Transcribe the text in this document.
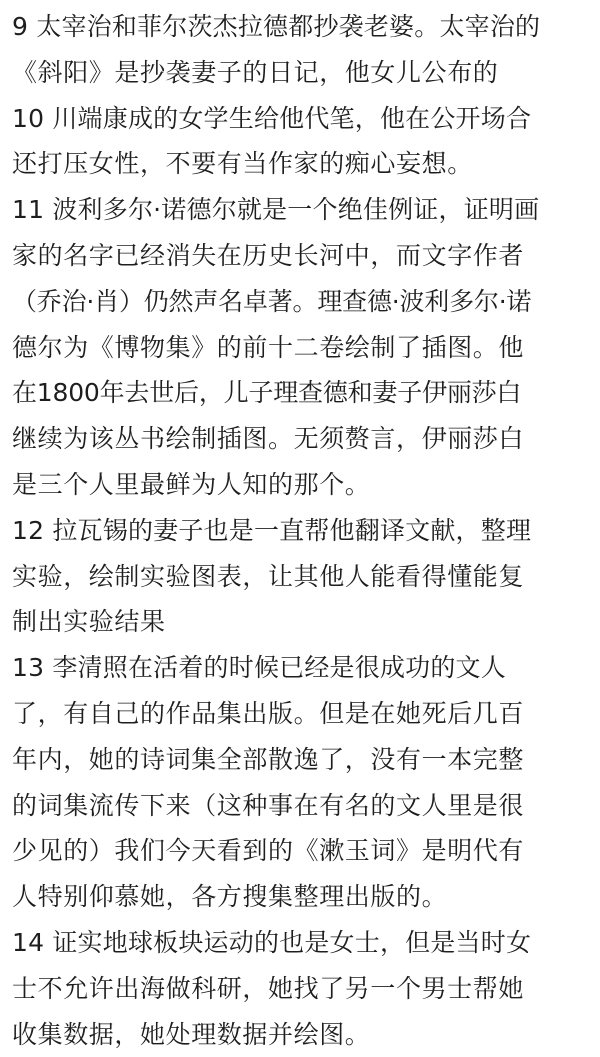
9 太宰治和菲尔茨杰拉德都抄袭老婆。太宰治的
《斜阳》是抄袭妻子的日记，他女儿公布的
10 川端康成的女学生给他代笔，他在公开场合
还打压女性，不要有当作家的痴心妄想。
11 波利多尔·诺德尔就是一个绝佳例证，证明画
家的名字已经消失在历史长河中，而文字作者
（乔治·肖）仍然声名卓著。理查德·波利多尔·诺
德尔为《博物集》的前十二卷绘制了插图。他
在1800年去世后，儿子理查德和妻子伊丽莎白
继续为该丛书绘制插图。无须赘言，伊丽莎白
是三个人里最鲜为人知的那个。
12 拉瓦锡的妻子也是一直帮他翻译文献，整理
实验，绘制实验图表，让其他人能看得懂能复
制出实验结果
13 李清照在活着的时候已经是很成功的文人
了，有自己的作品集出版。但是在她死后几百
年内，她的诗词集全部散逸了，没有一本完整
的词集流传下来（这种事在有名的文人里是很
少见的）我们今天看到的《漱玉词》是明代有
人特别仰慕她，各方搜集整理出版的。
14 证实地球板块运动的也是女士，但是当时女
士不允许出海做科研，她找了另一个男士帮她
收集数据，她处理数据并绘图。
